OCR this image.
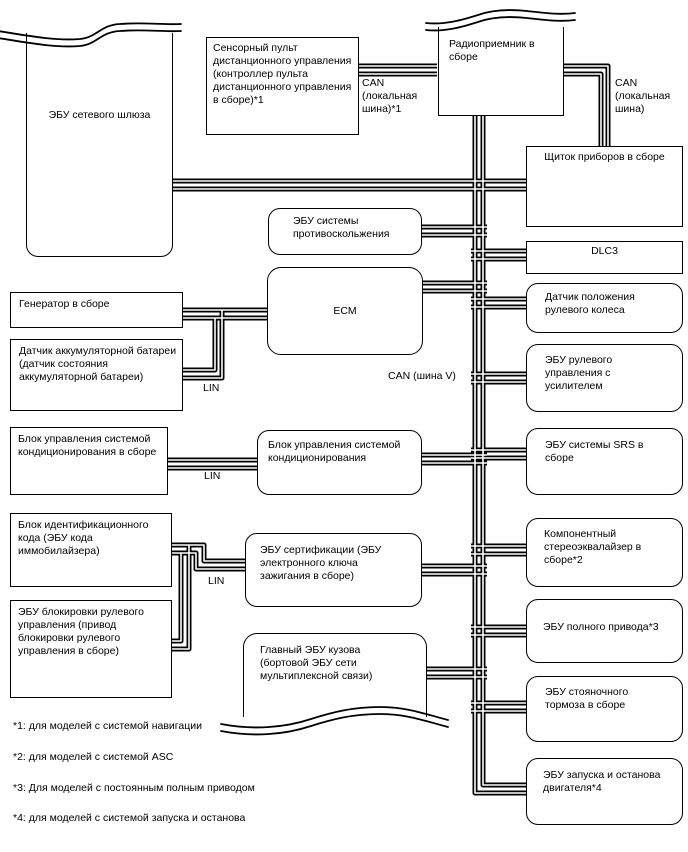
ЭБУ сетевого шлюза
Сенсорный пульт дистанционного управления (контроллер пульта дистанционного управления в сборе)*1
Радиоприемник в сборе
Щиток приборов в сборе
DLC3
Датчик положения рулевого колеса
ЭБУ рулевого управления с усилителем
ЭБУ системы SRS в сборе
Компонентный стереоэквалайзер в сборе*2
ЭБУ полного привода*3
ЭБУ стояночного тормоза в сборе
ЭБУ запуска и останова двигателя*4
ЭБУ системы противоскольжения
ECM
Генератор в сборе
Датчик аккумуляторной батареи (датчик состояния аккумуляторной батареи)
Блок управления системой кондиционирования в сборе
Блок управления системой кондиционирования
Блок идентификационного кода (ЭБУ кода иммобилайзера)	ЭБУ сертификации (ЭБУ электронного ключа зажигания в сборе)
ЭБУ блокировки рулевого управления (привод блокировки рулевого управления в сборе)	Главный ЭБУ кузова (бортовой ЭБУ сети мультиплексной связи)
CAN (локальная шина)*1
CAN (локальная шина)
CAN (шина V)
LIN
LIN
LIN
*1: для моделей с системой навигации
*2: для моделей с системой ASC
*3: Для моделей с постоянным полным приводом
*4: для моделей с системой запуска и останова
